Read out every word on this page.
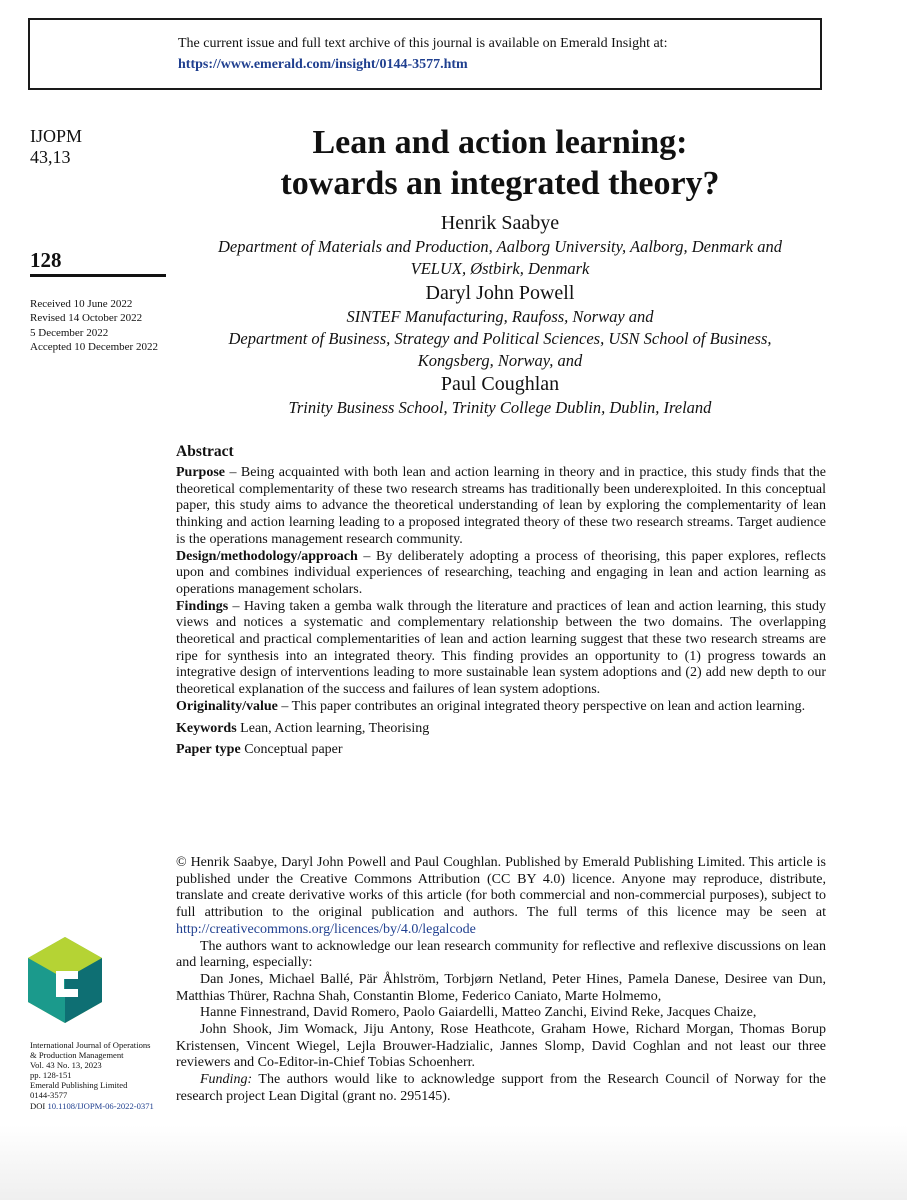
The current issue and full text archive of this journal is available on Emerald Insight at:
https://www.emerald.com/insight/0144-3577.htm
IJOPM
43,13
128
Received 10 June 2022
Revised 14 October 2022
5 December 2022
Accepted 10 December 2022
Lean and action learning:
towards an integrated theory?
Henrik Saabye
Department of Materials and Production, Aalborg University, Aalborg, Denmark and
VELUX, Østbirk, Denmark
Daryl John Powell
SINTEF Manufacturing, Raufoss, Norway and
Department of Business, Strategy and Political Sciences, USN School of Business,
Kongsberg, Norway, and
Paul Coughlan
Trinity Business School, Trinity College Dublin, Dublin, Ireland
Abstract
Purpose – Being acquainted with both lean and action learning in theory and in practice, this study finds that the theoretical complementarity of these two research streams has traditionally been underexploited. In this conceptual paper, this study aims to advance the theoretical understanding of lean by exploring the complementarity of lean thinking and action learning leading to a proposed integrated theory of these two research streams. Target audience is the operations management research community.
Design/methodology/approach – By deliberately adopting a process of theorising, this paper explores, reflects upon and combines individual experiences of researching, teaching and engaging in lean and action learning as operations management scholars.
Findings – Having taken a gemba walk through the literature and practices of lean and action learning, this study views and notices a systematic and complementary relationship between the two domains. The overlapping theoretical and practical complementarities of lean and action learning suggest that these two research streams are ripe for synthesis into an integrated theory. This finding provides an opportunity to (1) progress towards an integrative design of interventions leading to more sustainable lean system adoptions and (2) add new depth to our theoretical explanation of the success and failures of lean system adoptions.
Originality/value – This paper contributes an original integrated theory perspective on lean and action learning.
Keywords Lean, Action learning, Theorising
Paper type Conceptual paper
© Henrik Saabye, Daryl John Powell and Paul Coughlan. Published by Emerald Publishing Limited. This article is published under the Creative Commons Attribution (CC BY 4.0) licence. Anyone may reproduce, distribute, translate and create derivative works of this article (for both commercial and non-commercial purposes), subject to full attribution to the original publication and authors. The full terms of this licence may be seen at http://creativecommons.org/licences/by/4.0/legalcode
The authors want to acknowledge our lean research community for reflective and reflexive discussions on lean and learning, especially:
Dan Jones, Michael Ballé, Pär Åhlström, Torbjørn Netland, Peter Hines, Pamela Danese, Desiree van Dun, Matthias Thürer, Rachna Shah, Constantin Blome, Federico Caniato, Marte Holmemo,
Hanne Finnestrand, David Romero, Paolo Gaiardelli, Matteo Zanchi, Eivind Reke, Jacques Chaize,
John Shook, Jim Womack, Jiju Antony, Rose Heathcote, Graham Howe, Richard Morgan, Thomas Borup Kristensen, Vincent Wiegel, Lejla Brouwer-Hadzialic, Jannes Slomp, David Coghlan and not least our three reviewers and Co-Editor-in-Chief Tobias Schoenherr.
Funding: The authors would like to acknowledge support from the Research Council of Norway for the research project Lean Digital (grant no. 295145).
International Journal of Operations
& Production Management
Vol. 43 No. 13, 2023
pp. 128-151
Emerald Publishing Limited
0144-3577
DOI 10.1108/IJOPM-06-2022-0371
